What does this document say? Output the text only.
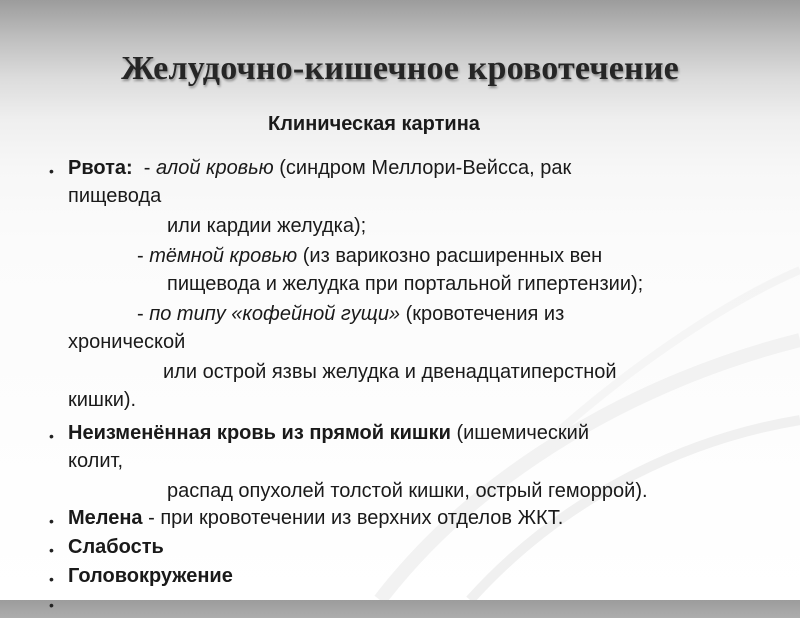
Желудочно-кишечное кровотечение
Клиническая картина
• Рвота: - алой кровью (синдром Меллори-Вейсса, рак
пищевода
или кардии желудка);
- тёмной кровью (из варикозно расширенных вен
пищевода и желудка при портальной гипертензии);
- по типу «кофейной гущи» (кровотечения из
хронической
или острой язвы желудка и двенадцатиперстной
кишки).
• Неизменённая кровь из прямой кишки (ишемический
колит,
распад опухолей толстой кишки, острый геморрой).
• Мелена - при кровотечении из верхних отделов ЖКТ.
• Слабость
• Головокружение
•
